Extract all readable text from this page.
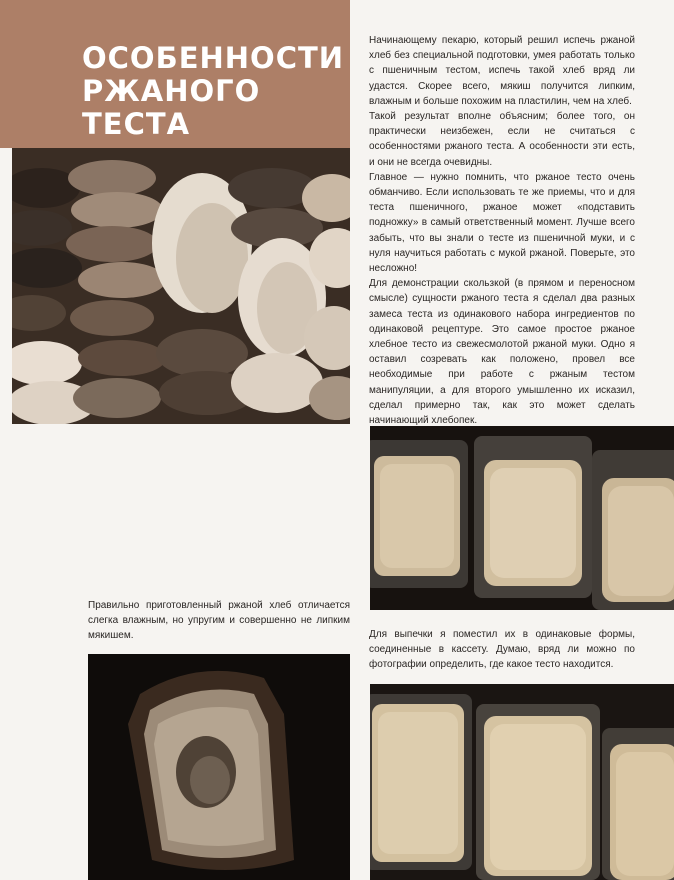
ОСОБЕННОСТИ РЖАНОГО ТЕСТА

Начинающему пекарю, который решил испечь ржаной хлеб без специальной подготовки, умея работать только с пшеничным тестом, испечь такой хлеб вряд ли удастся. Скорее всего, мякиш получится липким, влажным и больше похожим на пластилин, чем на хлеб.

Такой результат вполне объясним; более того, он практически неизбежен, если не считаться с особенностями ржаного теста. А особенности эти есть, и они не всегда очевидны.

Главное — нужно помнить, что ржаное тесто очень обманчиво. Если использовать те же приемы, что и для теста пшеничного, ржаное может «подставить подножку» в самый ответственный момент. Лучше всего забыть, что вы знали о тесте из пшеничной муки, и с нуля научиться работать с мукой ржаной. Поверьте, это несложно!

Для демонстрации скользкой (в прямом и переносном смысле) сущности ржаного теста я сделал два разных замеса теста из одинакового набора ингредиентов по одинаковой рецептуре. Это самое простое ржаное хлебное тесто из свежесмолотой ржаной муки. Одно я оставил созревать как положено, провел все необходимые при работе с ржаным тестом манипуляции, а для второго умышленно их исказил, сделал примерно так, как это может сделать начинающий хлебопек.

Правильно приготовленный ржаной хлеб отличается слегка влажным, но упругим и совершенно не липким мякишем.	Для выпечки я поместил их в одинаковые формы, соединенные в кассету. Думаю, вряд ли можно по фотографии определить, где какое тесто находится.
